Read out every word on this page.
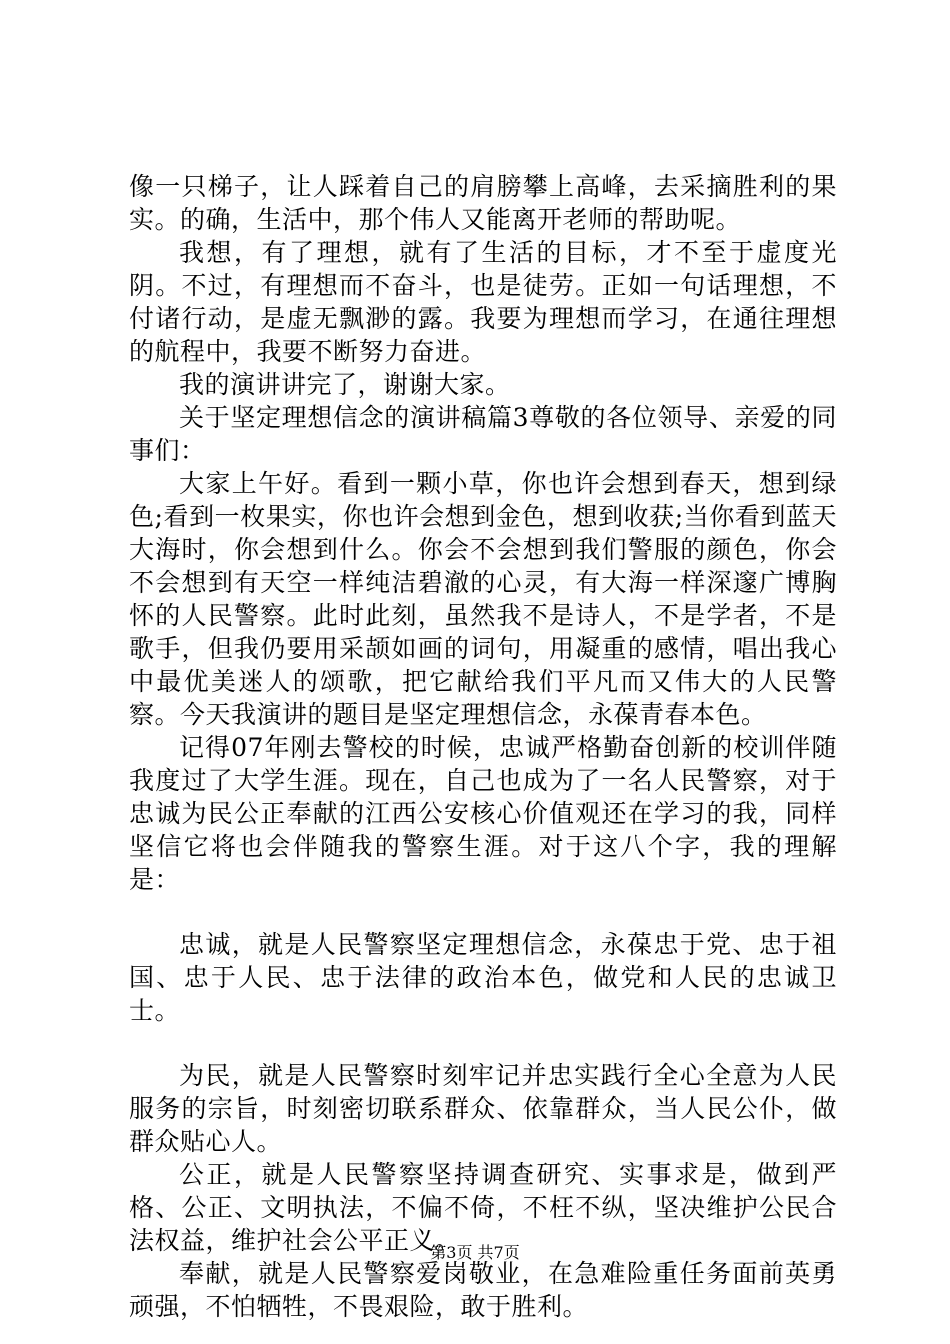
像一只梯子，让人踩着自己的肩膀攀上高峰，去采摘胜利的果实。的确，生活中，那个伟人又能离开老师的帮助呢。

我想，有了理想，就有了生活的目标，才不至于虚度光阴。不过，有理想而不奋斗，也是徒劳。正如一句话理想，不付诸行动，是虚无飘渺的露。我要为理想而学习，在通往理想的航程中，我要不断努力奋进。

我的演讲讲完了，谢谢大家。

关于坚定理想信念的演讲稿篇3尊敬的各位领导、亲爱的同事们：

大家上午好。看到一颗小草，你也许会想到春天，想到绿色;看到一枚果实，你也许会想到金色，想到收获;当你看到蓝天大海时，你会想到什么。你会不会想到我们警服的颜色，你会不会想到有天空一样纯洁碧澈的心灵，有大海一样深邃广博胸怀的人民警察。此时此刻，虽然我不是诗人，不是学者，不是歌手，但我仍要用采颉如画的词句，用凝重的感情，唱出我心中最优美迷人的颂歌，把它献给我们平凡而又伟大的人民警察。今天我演讲的题目是坚定理想信念，永葆青春本色。

记得07年刚去警校的时候，忠诚严格勤奋创新的校训伴随我度过了大学生涯。现在，自己也成为了一名人民警察，对于忠诚为民公正奉献的江西公安核心价值观还在学习的我，同样坚信它将也会伴随我的警察生涯。对于这八个字，我的理解是：

忠诚，就是人民警察坚定理想信念，永葆忠于党、忠于祖国、忠于人民、忠于法律的政治本色，做党和人民的忠诚卫士。

为民，就是人民警察时刻牢记并忠实践行全心全意为人民服务的宗旨，时刻密切联系群众、依靠群众，当人民公仆，做群众贴心人。

公正，就是人民警察坚持调查研究、实事求是，做到严格、公正、文明执法，不偏不倚，不枉不纵，坚决维护公民合法权益，维护社会公平正义。

奉献，就是人民警察爱岗敬业，在急难险重任务面前英勇顽强，不怕牺牲，不畏艰险，敢于胜利。

第3页 共7页
